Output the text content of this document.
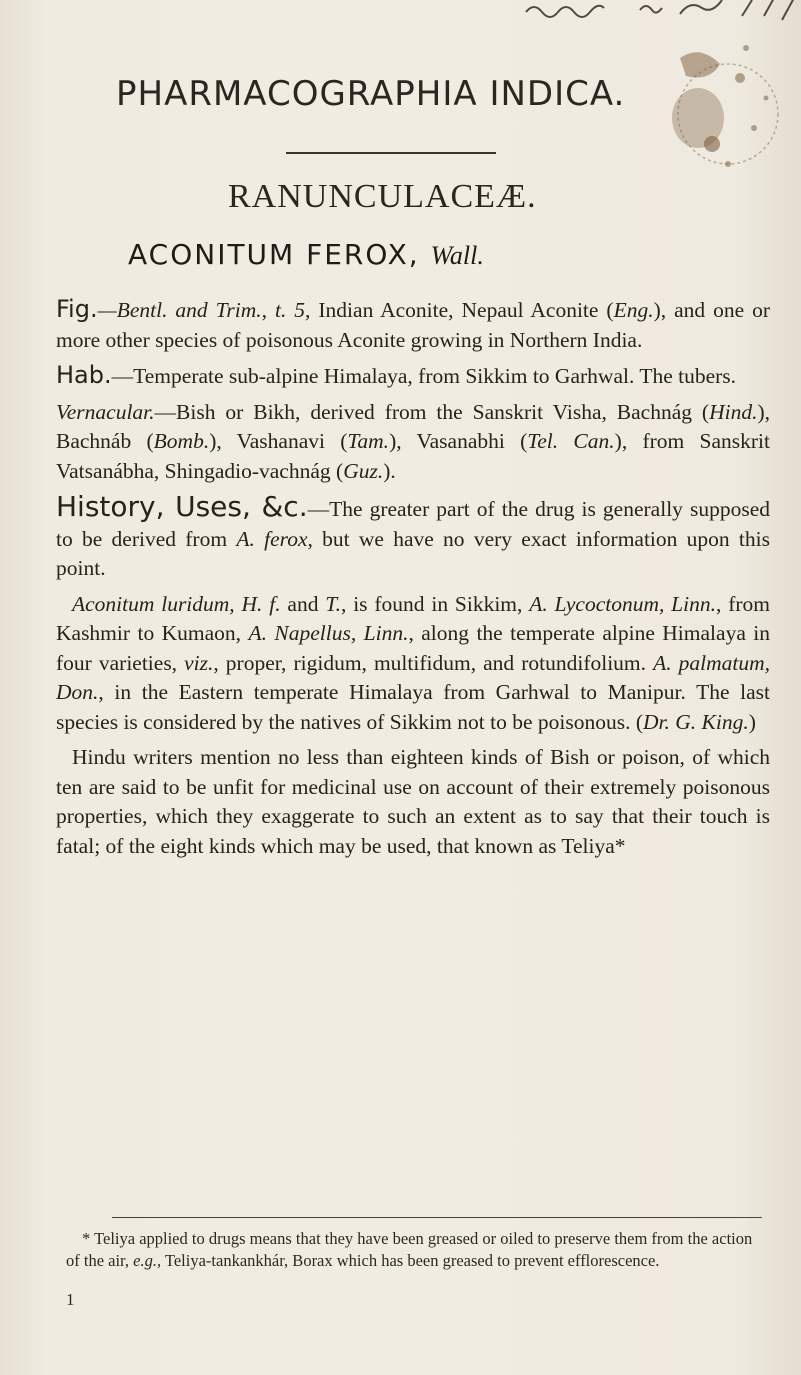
PHARMACOGRAPHIA INDICA.
RANUNCULACEÆ.
ACONITUM FEROX, Wall.

Fig.—Bentl. and Trim., t. 5, Indian Aconite, Nepaul Aconite (Eng.), and one or more other species of poisonous Aconite growing in Northern India.

Hab.—Temperate sub-alpine Himalaya, from Sikkim to Garhwal. The tubers.

Vernacular.—Bish or Bikh, derived from the Sanskrit Visha, Bachnág (Hind.), Bachnáb (Bomb.), Vashanavi (Tam.), Vasanabhi (Tel. Can.), from Sanskrit Vatsanábha, Shingadio-vachnág (Guz.).

History, Uses, &c.—The greater part of the drug is generally supposed to be derived from A. ferox, but we have no very exact information upon this point.

Aconitum luridum, H. f. and T., is found in Sikkim, A. Lycoctonum, Linn., from Kashmir to Kumaon, A. Napellus, Linn., along the temperate alpine Himalaya in four varieties, viz., proper, rigidum, multifidum, and rotundifolium. A. palmatum, Don., in the Eastern temperate Himalaya from Garhwal to Manipur. The last species is considered by the natives of Sikkim not to be poisonous. (Dr. G. King.)

Hindu writers mention no less than eighteen kinds of Bish or poison, of which ten are said to be unfit for medicinal use on account of their extremely poisonous properties, which they exaggerate to such an extent as to say that their touch is fatal; of the eight kinds which may be used, that known as Teliya*

* Teliya applied to drugs means that they have been greased or oiled to preserve them from the action of the air, e.g., Teliya-tankankhár, Borax which has been greased to prevent efflorescence.

1
